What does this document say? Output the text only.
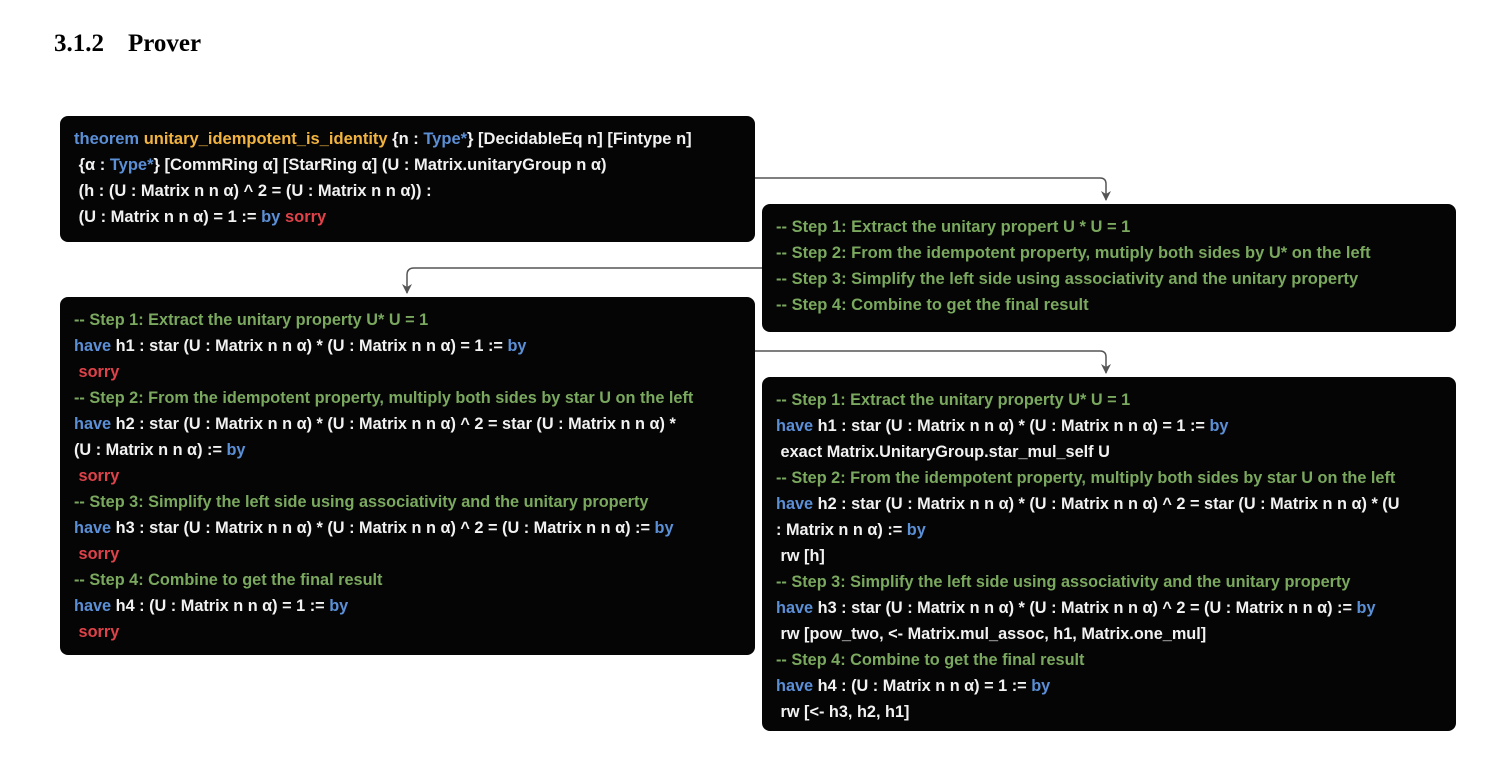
3.1.2 Prover
theorem unitary_idempotent_is_identity {n : Type*} [DecidableEq n] [Fintype n]
{α : Type*} [CommRing α] [StarRing α] (U : Matrix.unitaryGroup n α)
(h : (U : Matrix n n α) ^ 2 = (U : Matrix n n α)) :
(U : Matrix n n α) = 1 := by sorry
-- Step 1: Extract the unitary propert U * U = 1
-- Step 2: From the idempotent property, mutiply both sides by U* on the left
-- Step 3: Simplify the left side using associativity and the unitary property
-- Step 4: Combine to get the final result
-- Step 1: Extract the unitary property U* U = 1
have h1 : star (U : Matrix n n α) * (U : Matrix n n α) = 1 := by
sorry
-- Step 2: From the idempotent property, multiply both sides by star U on the left
have h2 : star (U : Matrix n n α) * (U : Matrix n n α) ^ 2 = star (U : Matrix n n α) *
(U : Matrix n n α) := by
sorry
-- Step 3: Simplify the left side using associativity and the unitary property
have h3 : star (U : Matrix n n α) * (U : Matrix n n α) ^ 2 = (U : Matrix n n α) := by
sorry
-- Step 4: Combine to get the final result
have h4 : (U : Matrix n n α) = 1 := by
sorry
-- Step 1: Extract the unitary property U* U = 1
have h1 : star (U : Matrix n n α) * (U : Matrix n n α) = 1 := by
exact Matrix.UnitaryGroup.star_mul_self U
-- Step 2: From the idempotent property, multiply both sides by star U on the left
have h2 : star (U : Matrix n n α) * (U : Matrix n n α) ^ 2 = star (U : Matrix n n α) * (U
: Matrix n n α) := by
rw [h]
-- Step 3: Simplify the left side using associativity and the unitary property
have h3 : star (U : Matrix n n α) * (U : Matrix n n α) ^ 2 = (U : Matrix n n α) := by
rw [pow_two, <- Matrix.mul_assoc, h1, Matrix.one_mul]
-- Step 4: Combine to get the final result
have h4 : (U : Matrix n n α) = 1 := by
rw [<- h3, h2, h1]
